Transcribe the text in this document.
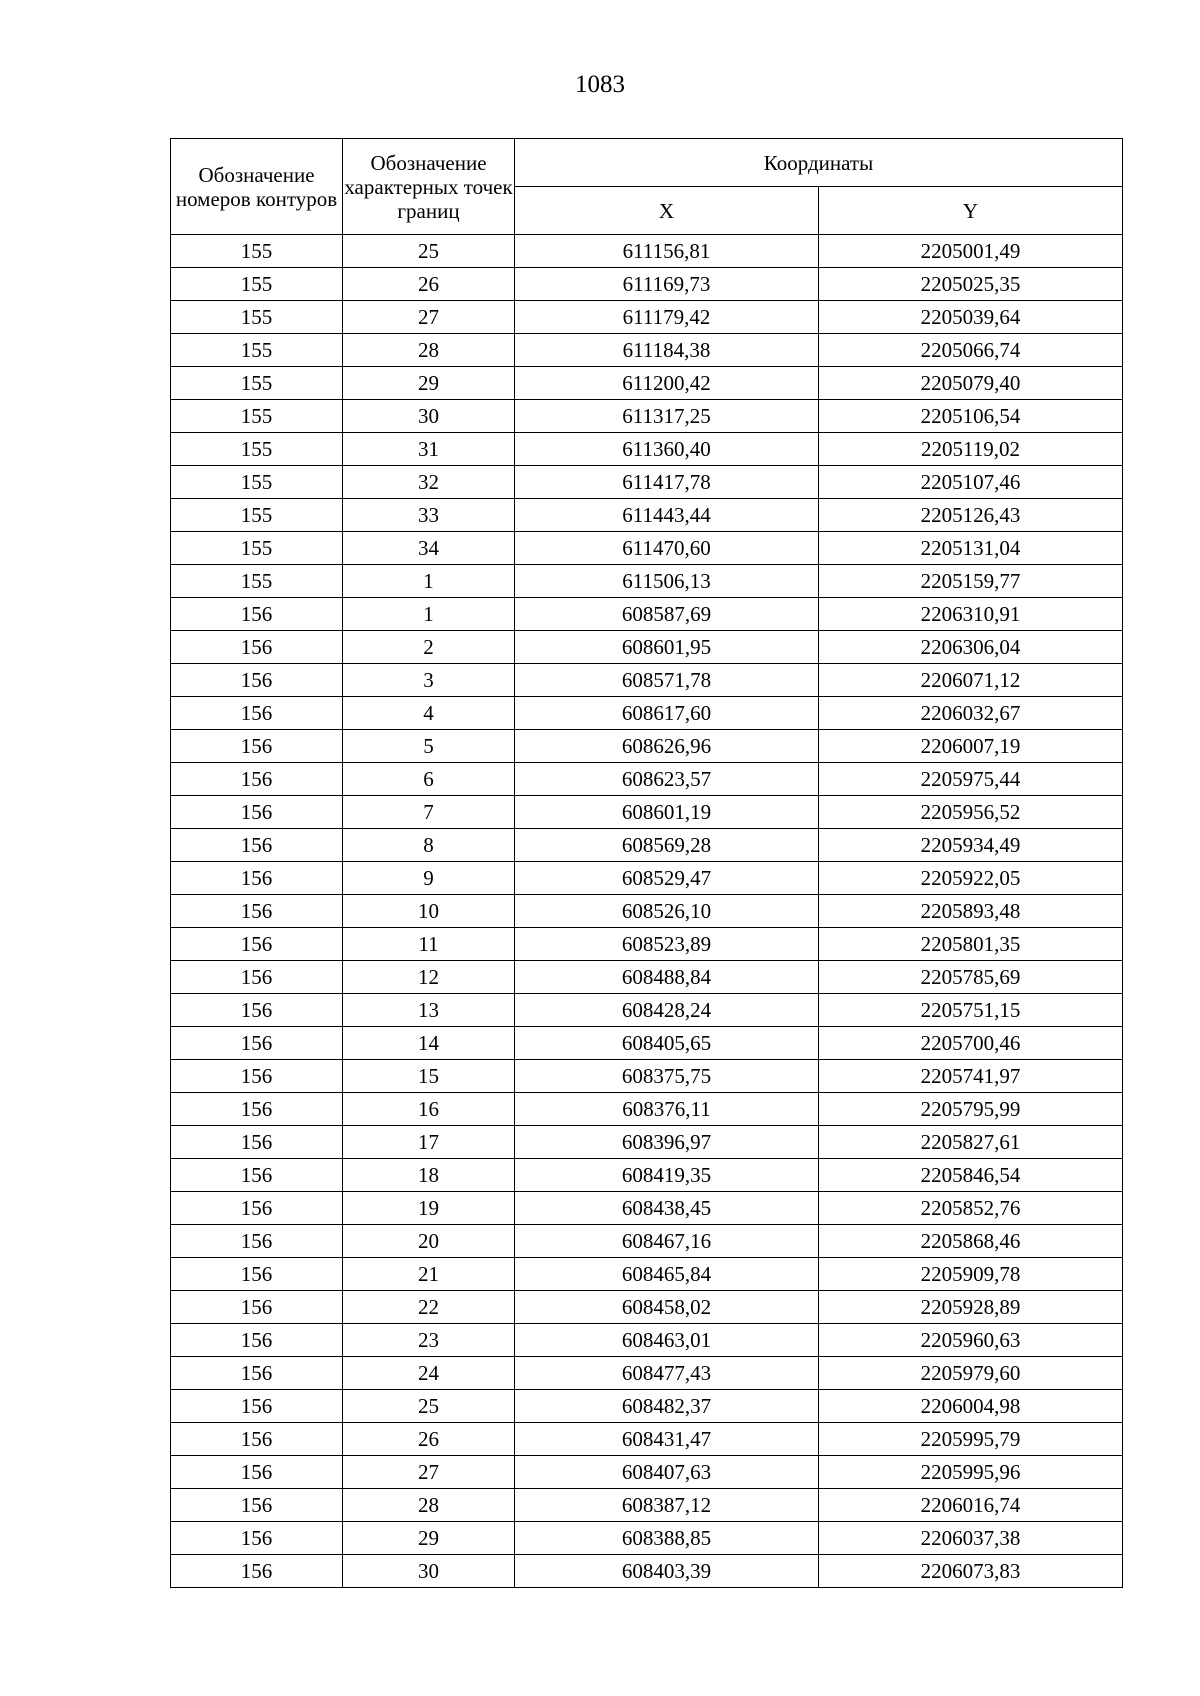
1083
Обозначение номеров контуров	Обозначение характерных точек границ	Координаты	
		X	Y
155	25	611156,81	2205001,49
155	26	611169,73	2205025,35
155	27	611179,42	2205039,64
155	28	611184,38	2205066,74
155	29	611200,42	2205079,40
155	30	611317,25	2205106,54
155	31	611360,40	2205119,02
155	32	611417,78	2205107,46
155	33	611443,44	2205126,43
155	34	611470,60	2205131,04
155	1	611506,13	2205159,77
156	1	608587,69	2206310,91
156	2	608601,95	2206306,04
156	3	608571,78	2206071,12
156	4	608617,60	2206032,67
156	5	608626,96	2206007,19
156	6	608623,57	2205975,44
156	7	608601,19	2205956,52
156	8	608569,28	2205934,49
156	9	608529,47	2205922,05
156	10	608526,10	2205893,48
156	11	608523,89	2205801,35
156	12	608488,84	2205785,69
156	13	608428,24	2205751,15
156	14	608405,65	2205700,46
156	15	608375,75	2205741,97
156	16	608376,11	2205795,99
156	17	608396,97	2205827,61
156	18	608419,35	2205846,54
156	19	608438,45	2205852,76
156	20	608467,16	2205868,46
156	21	608465,84	2205909,78
156	22	608458,02	2205928,89
156	23	608463,01	2205960,63
156	24	608477,43	2205979,60
156	25	608482,37	2206004,98
156	26	608431,47	2205995,79
156	27	608407,63	2205995,96
156	28	608387,12	2206016,74
156	29	608388,85	2206037,38
156	30	608403,39	2206073,83
